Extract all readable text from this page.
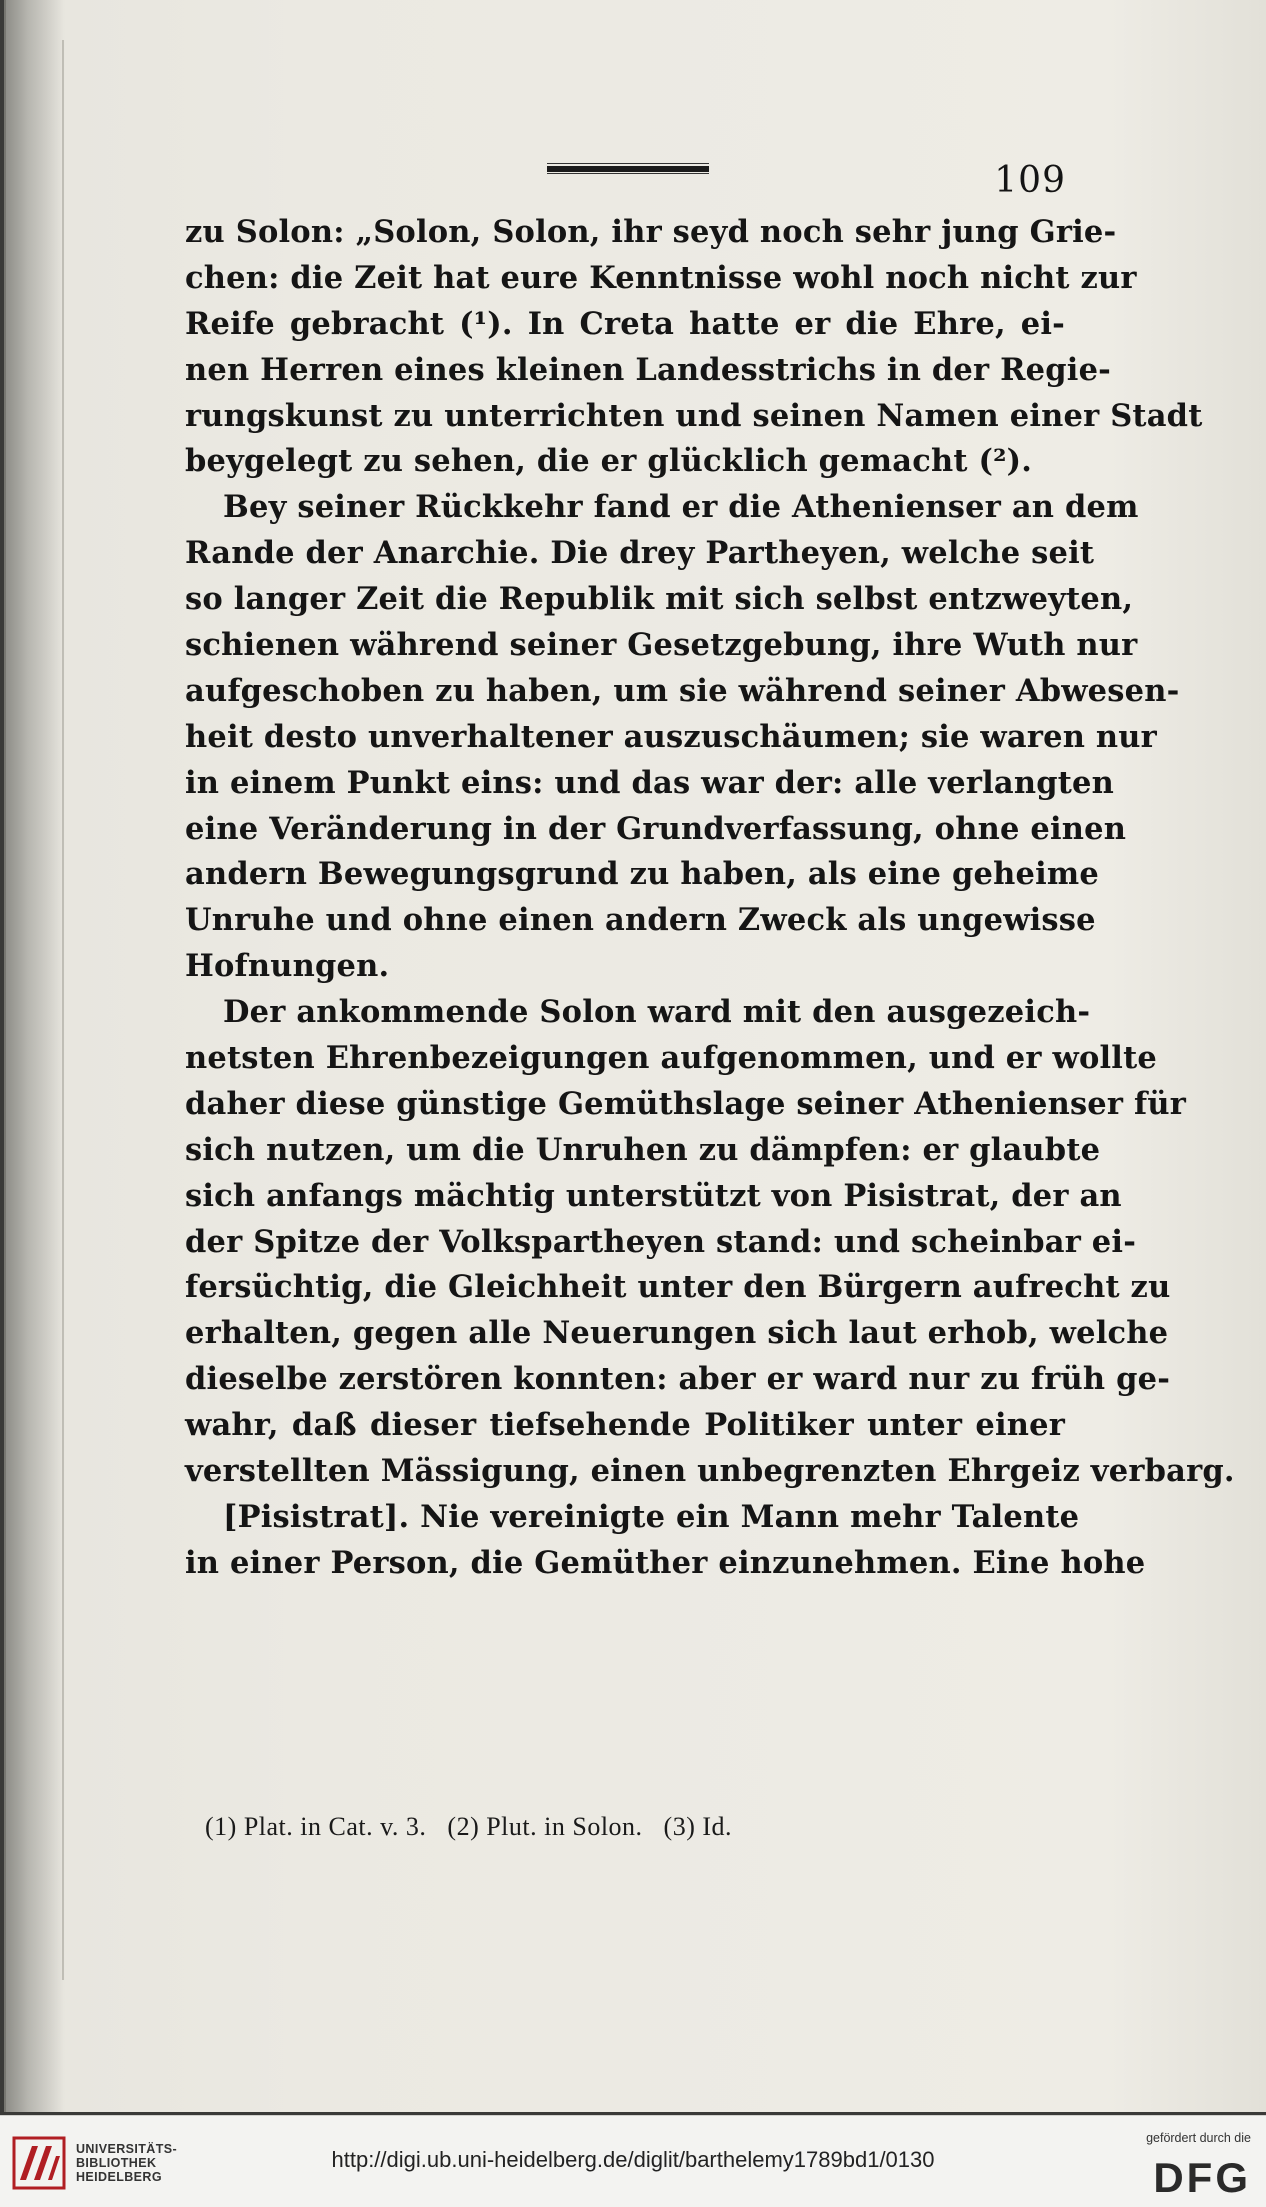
109
zu Solon: „Solon, Solon, ihr seyd noch sehr jung Grie-
chen: die Zeit hat eure Kenntnisse wohl noch nicht zur
Reife gebracht (¹). In Creta hatte er die Ehre, ei-
nen Herren eines kleinen Landesstrichs in der Regie-
rungskunst zu unterrichten und seinen Namen einer Stadt
beygelegt zu sehen, die er glücklich gemacht (²).
Bey seiner Rückkehr fand er die Athenienser an dem
Rande der Anarchie. Die drey Partheyen, welche seit
so langer Zeit die Republik mit sich selbst entzweyten,
schienen während seiner Gesetzgebung, ihre Wuth nur
aufgeschoben zu haben, um sie während seiner Abwesen-
heit desto unverhaltener auszuschäumen; sie waren nur
in einem Punkt eins: und das war der: alle verlangten
eine Veränderung in der Grundverfassung, ohne einen
andern Bewegungsgrund zu haben, als eine geheime
Unruhe und ohne einen andern Zweck als ungewisse
Hofnungen.
Der ankommende Solon ward mit den ausgezeich-
netsten Ehrenbezeigungen aufgenommen, und er wollte
daher diese günstige Gemüthslage seiner Athenienser für
sich nutzen, um die Unruhen zu dämpfen: er glaubte
sich anfangs mächtig unterstützt von Pisistrat, der an
der Spitze der Volkspartheyen stand: und scheinbar ei-
fersüchtig, die Gleichheit unter den Bürgern aufrecht zu
erhalten, gegen alle Neuerungen sich laut erhob, welche
dieselbe zerstören konnten: aber er ward nur zu früh ge-
wahr, daß dieser tiefsehende Politiker unter einer
verstellten Mässigung, einen unbegrenzten Ehrgeiz verbarg.
[Pisistrat]. Nie vereinigte ein Mann mehr Talente
in einer Person, die Gemüther einzunehmen. Eine hohe
(1) Plat. in Cat. v. 3. (2) Plut. in Solon. (3) Id.
UNIVERSITÄTS-
BIBLIOTHEK
HEIDELBERG
http://digi.ub.uni-heidelberg.de/diglit/barthelemy1789bd1/0130
gefördert durch die
DFG
